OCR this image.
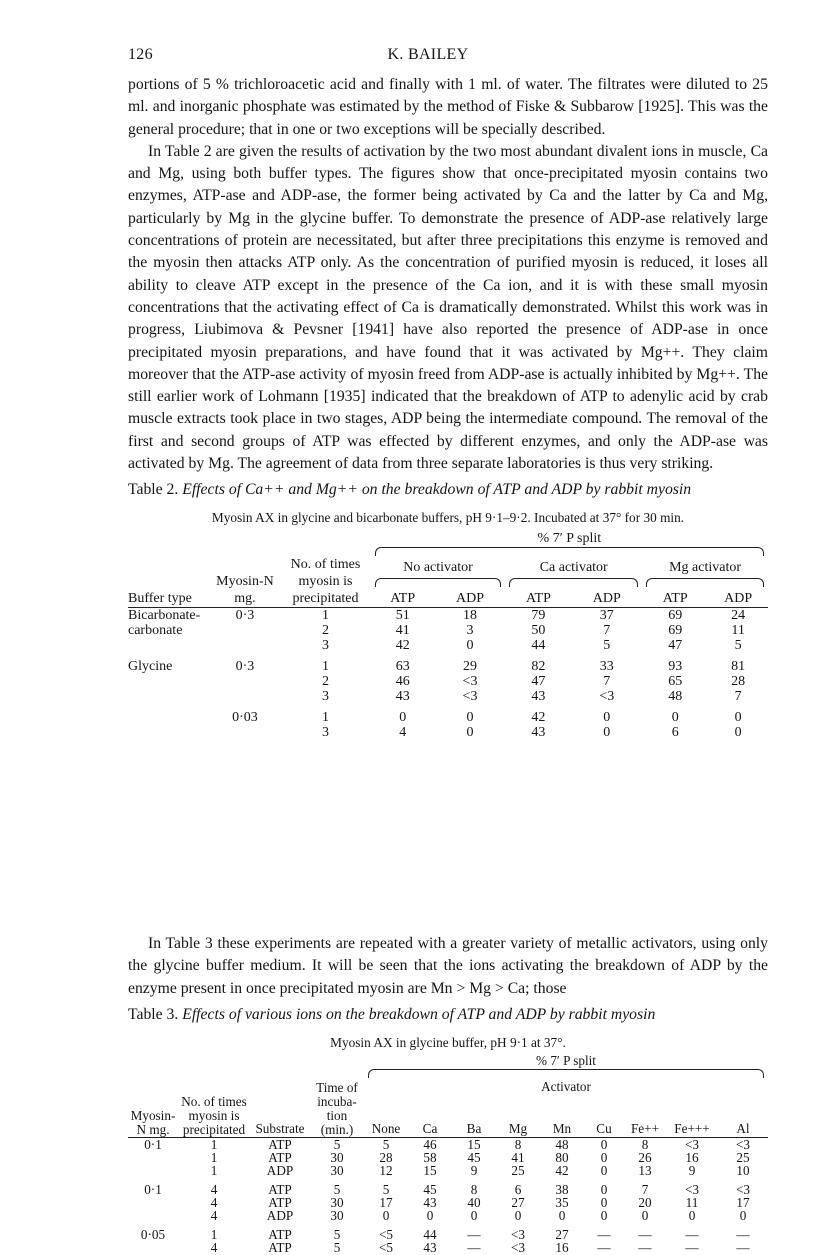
126	K. BAILEY

portions of 5 % trichloroacetic acid and finally with 1 ml. of water. The filtrates were diluted to 25 ml. and inorganic phosphate was estimated by the method of Fiske & Subbarow [1925]. This was the general procedure; that in one or two exceptions will be specially described.

In Table 2 are given the results of activation by the two most abundant divalent ions in muscle, Ca and Mg, using both buffer types. The figures show that once-precipitated myosin contains two enzymes, ATP-ase and ADP-ase, the former being activated by Ca and the latter by Ca and Mg, particularly by Mg in the glycine buffer. To demonstrate the presence of ADP-ase relatively large concentrations of protein are necessitated, but after three precipitations this enzyme is removed and the myosin then attacks ATP only. As the concentration of purified myosin is reduced, it loses all ability to cleave ATP except in the presence of the Ca ion, and it is with these small myosin concentrations that the activating effect of Ca is dramatically demonstrated. Whilst this work was in progress, Liubimova & Pevsner [1941] have also reported the presence of ADP-ase in once precipitated myosin preparations, and have found that it was activated by Mg++. They claim moreover that the ATP-ase activity of myosin freed from ADP-ase is actually inhibited by Mg++. The still earlier work of Lohmann [1935] indicated that the breakdown of ATP to adenylic acid by crab muscle extracts took place in two stages, ADP being the intermediate compound. The removal of the first and second groups of ATP was effected by different enzymes, and only the ADP-ase was activated by Mg. The agreement of data from three separate laboratories is thus very striking.

Table 2. Effects of Ca++ and Mg++ on the breakdown of ATP and ADP by rabbit myosin
Myosin AX in glycine and bicarbonate buffers, pH 9·1–9·2. Incubated at 37° for 30 min.
			% 7′ P split					

Buffer type	Myosin-N mg.	No. of times myosin is precipitated	No activator		Ca activator		Mg activator	

			ATP	ADP	ATP	ADP	ATP	ADP
Bicarbonate-	0·3	1	51	18	79	37	69	24
carbonate		2	41	3	50	7	69	11
		3	42	0	44	5	47	5

Glycine	0·3	1	63	29	82	33	93	81
		2	46	<3	47	7	65	28
		3	43	<3	43	<3	48	7

	0·03	1	0	0	42	0	0	0
		3	4	0	43	0	6	0

In Table 3 these experiments are repeated with a greater variety of metallic activators, using only the glycine buffer medium. It will be seen that the ions activating the breakdown of ADP by the enzyme present in once precipitated myosin are Mn > Mg > Ca; those

Table 3. Effects of various ions on the breakdown of ATP and ADP by rabbit myosin
Myosin AX in glycine buffer, pH 9·1 at 37°.
			Time of incuba-tion (min.)	% 7′ P split								

				Activator								
Myosin-N mg.	No. of times myosin is precipitated	Substrate		None	Ca	Ba	Mg	Mn	Cu	Fe++	Fe+++	Al
0·1	1	ATP	5	5	46	15	8	48	0	8	<3	<3
	1	ATP	30	28	58	45	41	80	0	26	16	25
	1	ADP	30	12	15	9	25	42	0	13	9	10

0·1	4	ATP	5	5	45	8	6	38	0	7	<3	<3
	4	ATP	30	17	43	40	27	35	0	20	11	17
	4	ADP	30	0	0	0	0	0	0	0	0	0

0·05	1	ATP	5	<5	44	—	<3	27	—	—	—	—
	4	ATP	5	<5	43	—	<3	16	—	—	—	—
